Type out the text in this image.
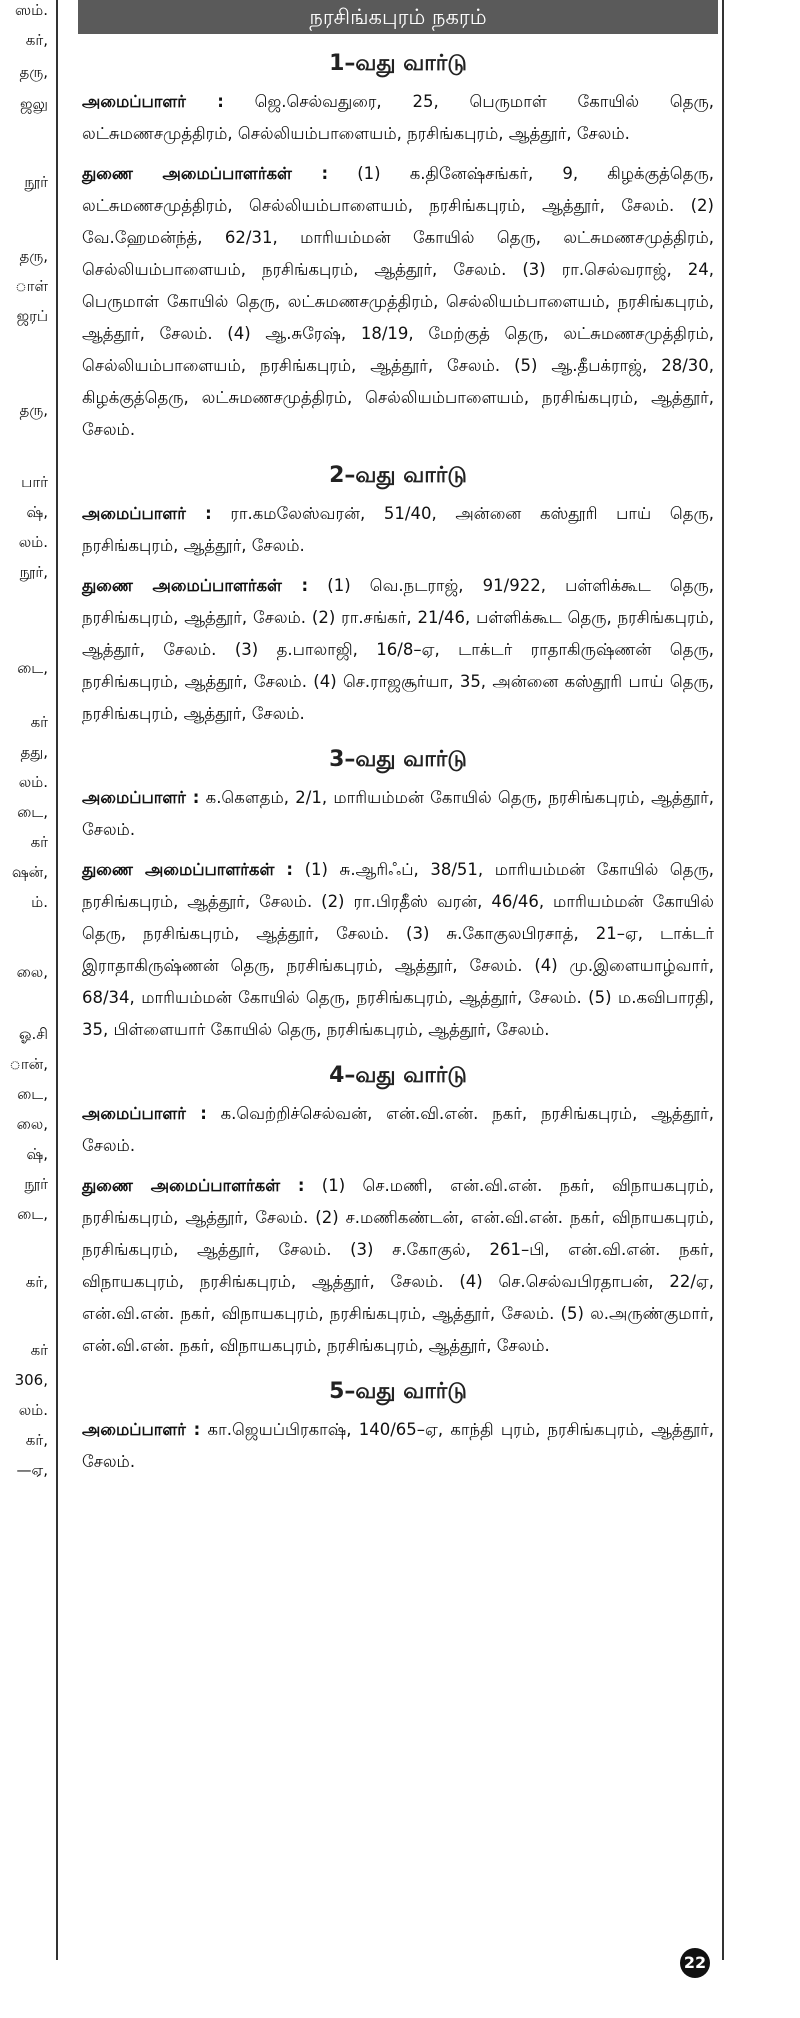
ஸம்.
கர்,
தரு,
ஜலு
நூர்
தரு,
ாள்
ஜரப்
தரு,
பார்
ஷ்,
லம்.
நூர்,
டை,
கர்
தது,
லம்.
டை,
கர்
ஷன்,
ம்.
லை,
ஓ.சி
ான்,
டை,
லை,
ஷ்,
நூர்
டை,
கர்,
கர்
306,
லம்.
கர்,
—ஏ,
நரசிங்கபுரம் நகரம்
1–வது வார்டு

அமைப்பாளர் : ஜெ.செல்வதுரை, 25, பெருமாள் கோயில் தெரு, லட்சுமணசமுத்திரம், செல்லியம்பாளையம், நரசிங்கபுரம், ஆத்தூர், சேலம்.

துணை அமைப்பாளர்கள் : (1) க.தினேஷ்சங்கர், 9, கிழக்குத்தெரு, லட்சுமணசமுத்திரம், செல்லியம்பாளையம், நரசிங்கபுரம், ஆத்தூர், சேலம். (2) வே.ஹேமன்ந்த், 62/31, மாரியம்மன் கோயில் தெரு, லட்சுமணசமுத்திரம், செல்லியம்பாளையம், நரசிங்கபுரம், ஆத்தூர், சேலம். (3) ரா.செல்வராஜ், 24, பெருமாள் கோயில் தெரு, லட்சுமணசமுத்திரம், செல்லியம்பாளையம், நரசிங்கபுரம், ஆத்தூர், சேலம். (4) ஆ.சுரேஷ், 18/19, மேற்குத் தெரு, லட்சுமணசமுத்திரம், செல்லியம்பாளையம், நரசிங்கபுரம், ஆத்தூர், சேலம். (5) ஆ.தீபக்ராஜ், 28/30, கிழக்குத்தெரு, லட்சுமணசமுத்திரம், செல்லியம்பாளையம், நரசிங்கபுரம், ஆத்தூர், சேலம்.

2–வது வார்டு

அமைப்பாளர் : ரா.கமலேஸ்வரன், 51/40, அன்னை கஸ்தூரி பாய் தெரு, நரசிங்கபுரம், ஆத்தூர், சேலம்.

துணை அமைப்பாளர்கள் : (1) வெ.நடராஜ், 91/922, பள்ளிக்கூட தெரு, நரசிங்கபுரம், ஆத்தூர், சேலம். (2) ரா.சங்கர், 21/46, பள்ளிக்கூட தெரு, நரசிங்கபுரம், ஆத்தூர், சேலம். (3) த.பாலாஜி, 16/8–ஏ, டாக்டர் ராதாகிருஷ்ணன் தெரு, நரசிங்கபுரம், ஆத்தூர், சேலம். (4) செ.ராஜசூர்யா, 35, அன்னை கஸ்தூரி பாய் தெரு, நரசிங்கபுரம், ஆத்தூர், சேலம்.

3–வது வார்டு

அமைப்பாளர் : க.கௌதம், 2/1, மாரியம்மன் கோயில் தெரு, நரசிங்கபுரம், ஆத்தூர், சேலம்.

துணை அமைப்பாளர்கள் : (1) சு.ஆரிஃப், 38/51, மாரியம்மன் கோயில் தெரு, நரசிங்கபுரம், ஆத்தூர், சேலம். (2) ரா.பிரதீஸ் வரன், 46/46, மாரியம்மன் கோயில் தெரு, நரசிங்கபுரம், ஆத்தூர், சேலம். (3) சு.கோகுலபிரசாத், 21–ஏ, டாக்டர் இராதாகிருஷ்ணன் தெரு, நரசிங்கபுரம், ஆத்தூர், சேலம். (4) மு.இளையாழ்வார், 68/34, மாரியம்மன் கோயில் தெரு, நரசிங்கபுரம், ஆத்தூர், சேலம். (5) ம.கவிபாரதி, 35, பிள்ளையார் கோயில் தெரு, நரசிங்கபுரம், ஆத்தூர், சேலம்.

4–வது வார்டு

அமைப்பாளர் : க.வெற்றிச்செல்வன், என்.வி.என். நகர், நரசிங்கபுரம், ஆத்தூர், சேலம்.

துணை அமைப்பாளர்கள் : (1) செ.மணி, என்.வி.என். நகர், விநாயகபுரம், நரசிங்கபுரம், ஆத்தூர், சேலம். (2) ச.மணிகண்டன், என்.வி.என். நகர், விநாயகபுரம், நரசிங்கபுரம், ஆத்தூர், சேலம். (3) ச.கோகுல், 261–பி, என்.வி.என். நகர், விநாயகபுரம், நரசிங்கபுரம், ஆத்தூர், சேலம். (4) செ.செல்வபிரதாபன், 22/ஏ, என்.வி.என். நகர், விநாயகபுரம், நரசிங்கபுரம், ஆத்தூர், சேலம். (5) ல.அருண்குமார், என்.வி.என். நகர், விநாயகபுரம், நரசிங்கபுரம், ஆத்தூர், சேலம்.

5–வது வார்டு

அமைப்பாளர் : கா.ஜெயப்பிரகாஷ், 140/65–ஏ, காந்தி புரம், நரசிங்கபுரம், ஆத்தூர், சேலம்.

22
